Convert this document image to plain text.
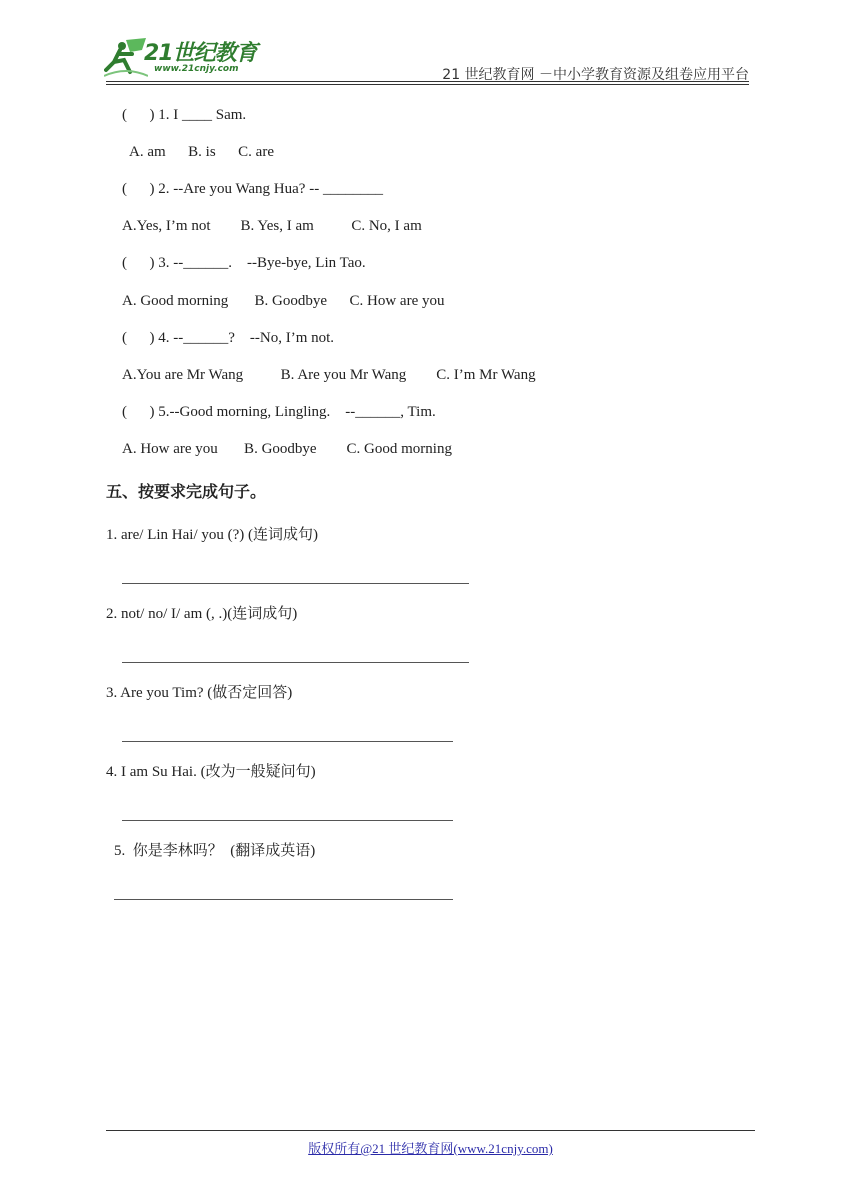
21世纪教育
www.21cnjy.com	21 世纪教育网 －中小学教育资源及组卷应用平台
(      ) 1. I ____ Sam.
A. am      B. is      C. are
(      ) 2. --Are you Wang Hua? -- ________
A.Yes, I’m not        B. Yes, I am          C. No, I am
(      ) 3. --______.    --Bye-bye, Lin Tao.
A. Good morning       B. Goodbye      C. How are you
(      ) 4. --______?    --No, I’m not.
A.You are Mr Wang          B. Are you Mr Wang        C. I’m Mr Wang
(      ) 5.--Good morning, Lingling.    --______, Tim.
A. How are you       B. Goodbye        C. Good morning
五、按要求完成句子。
1. are/ Lin Hai/ you (?) (连词成句)
2. not/ no/ I/ am (, .)(连词成句)
3. Are you Tim? (做否定回答)
4. I am Su Hai. (改为一般疑问句)
5.  你是李林吗？  (翻译成英语)
版权所有@21 世纪教育网(www.21cnjy.com)
